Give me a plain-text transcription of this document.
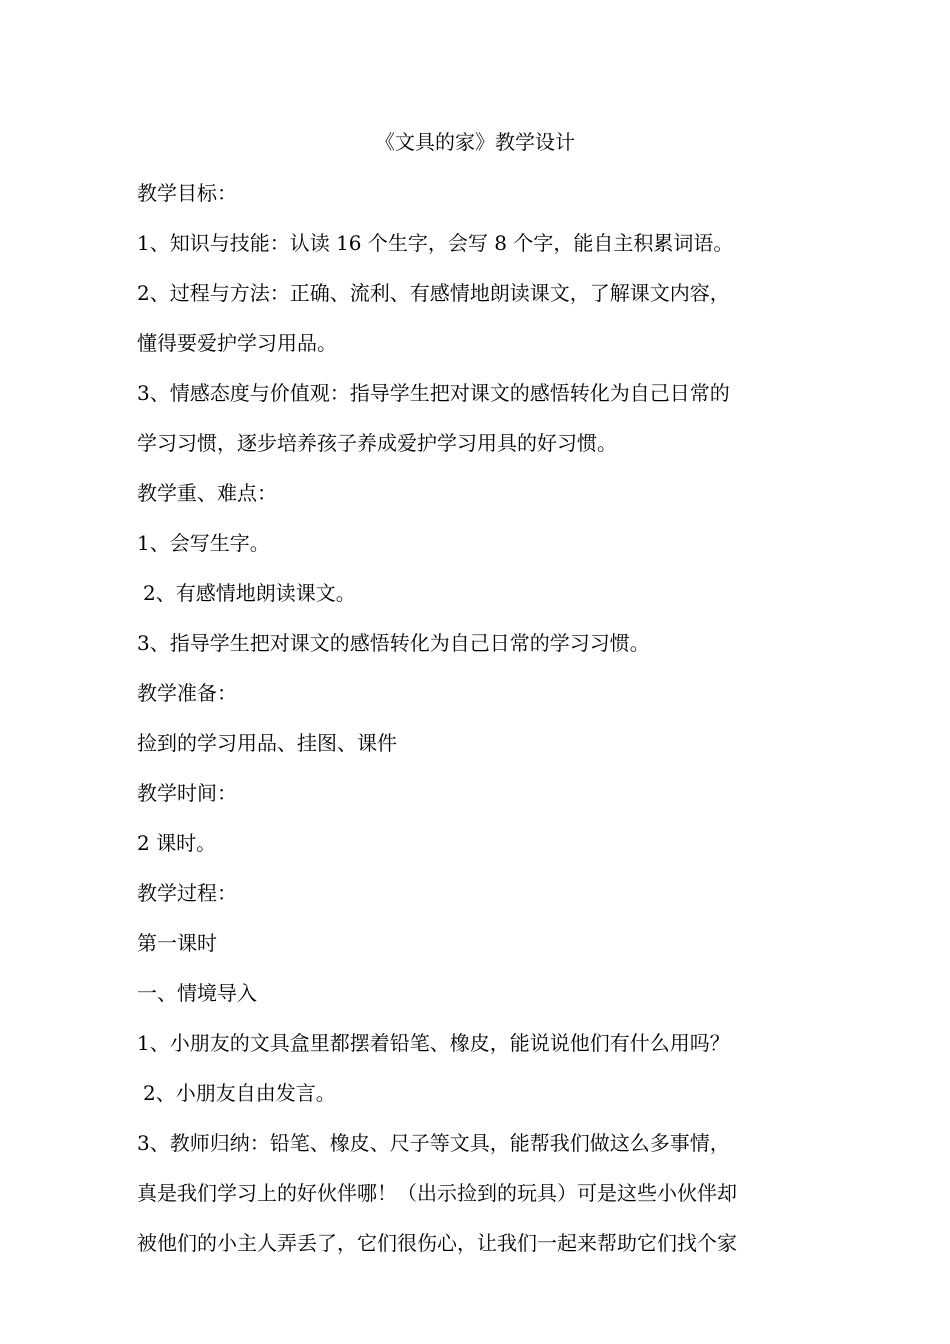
《文具的家》教学设计
教学目标：
1、知识与技能：认读 16 个生字，会写 8 个字，能自主积累词语。
2、过程与方法：正确、流利、有感情地朗读课文，了解课文内容，
懂得要爱护学习用品。
3、情感态度与价值观：指导学生把对课文的感悟转化为自己日常的
学习习惯，逐步培养孩子养成爱护学习用具的好习惯。
教学重、难点：
1、会写生字。
2、有感情地朗读课文。
3、指导学生把对课文的感悟转化为自己日常的学习习惯。
教学准备：
捡到的学习用品、挂图、课件
教学时间：
2 课时。
教学过程：
第一课时
一、情境导入
1、小朋友的文具盒里都摆着铅笔、橡皮，能说说他们有什么用吗？
2、小朋友自由发言。
3、教师归纳：铅笔、橡皮、尺子等文具，能帮我们做这么多事情，
真是我们学习上的好伙伴哪！（出示捡到的玩具）可是这些小伙伴却
被他们的小主人弄丢了，它们很伤心，让我们一起来帮助它们找个家
